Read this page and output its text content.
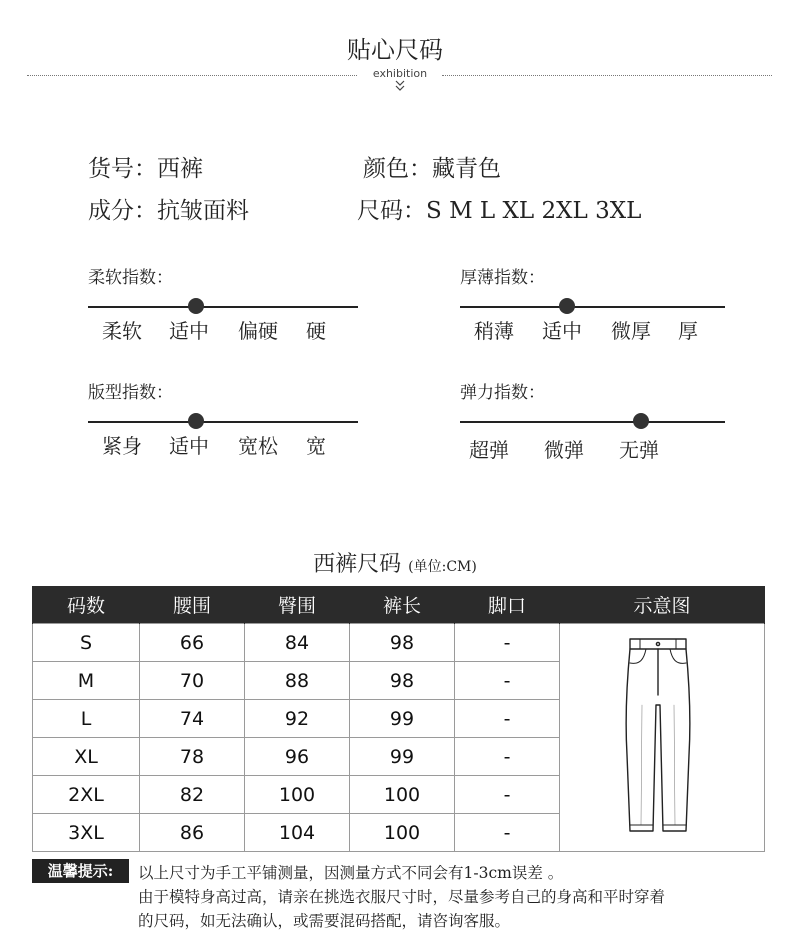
贴心尺码
exhibition
货号：西裤	颜色：藏青色
成分：抗皱面料	尺码：S M L XL 2XL 3XL
柔软指数：
柔软 适中 偏硬 硬
厚薄指数：
稍薄 适中 微厚 厚
版型指数：
紧身 适中 宽松 宽
弹力指数：
超弹 微弹 无弹
西裤尺码 (单位:CM)
码数	腰围	臀围	裤长	脚口	示意图
S	66	84	98	-	
M	70	88	98	-	
L	74	92	99	-	
XL	78	96	99	-	
2XL	82	100	100	-	
3XL	86	104	100	-	
温馨提示:	以上尺寸为手工平铺测量，因测量方式不同会有1-3cm误差 。
由于模特身高过高，请亲在挑选衣服尺寸时，尽量参考自己的身高和平时穿着
的尺码，如无法确认，或需要混码搭配，请咨询客服。
